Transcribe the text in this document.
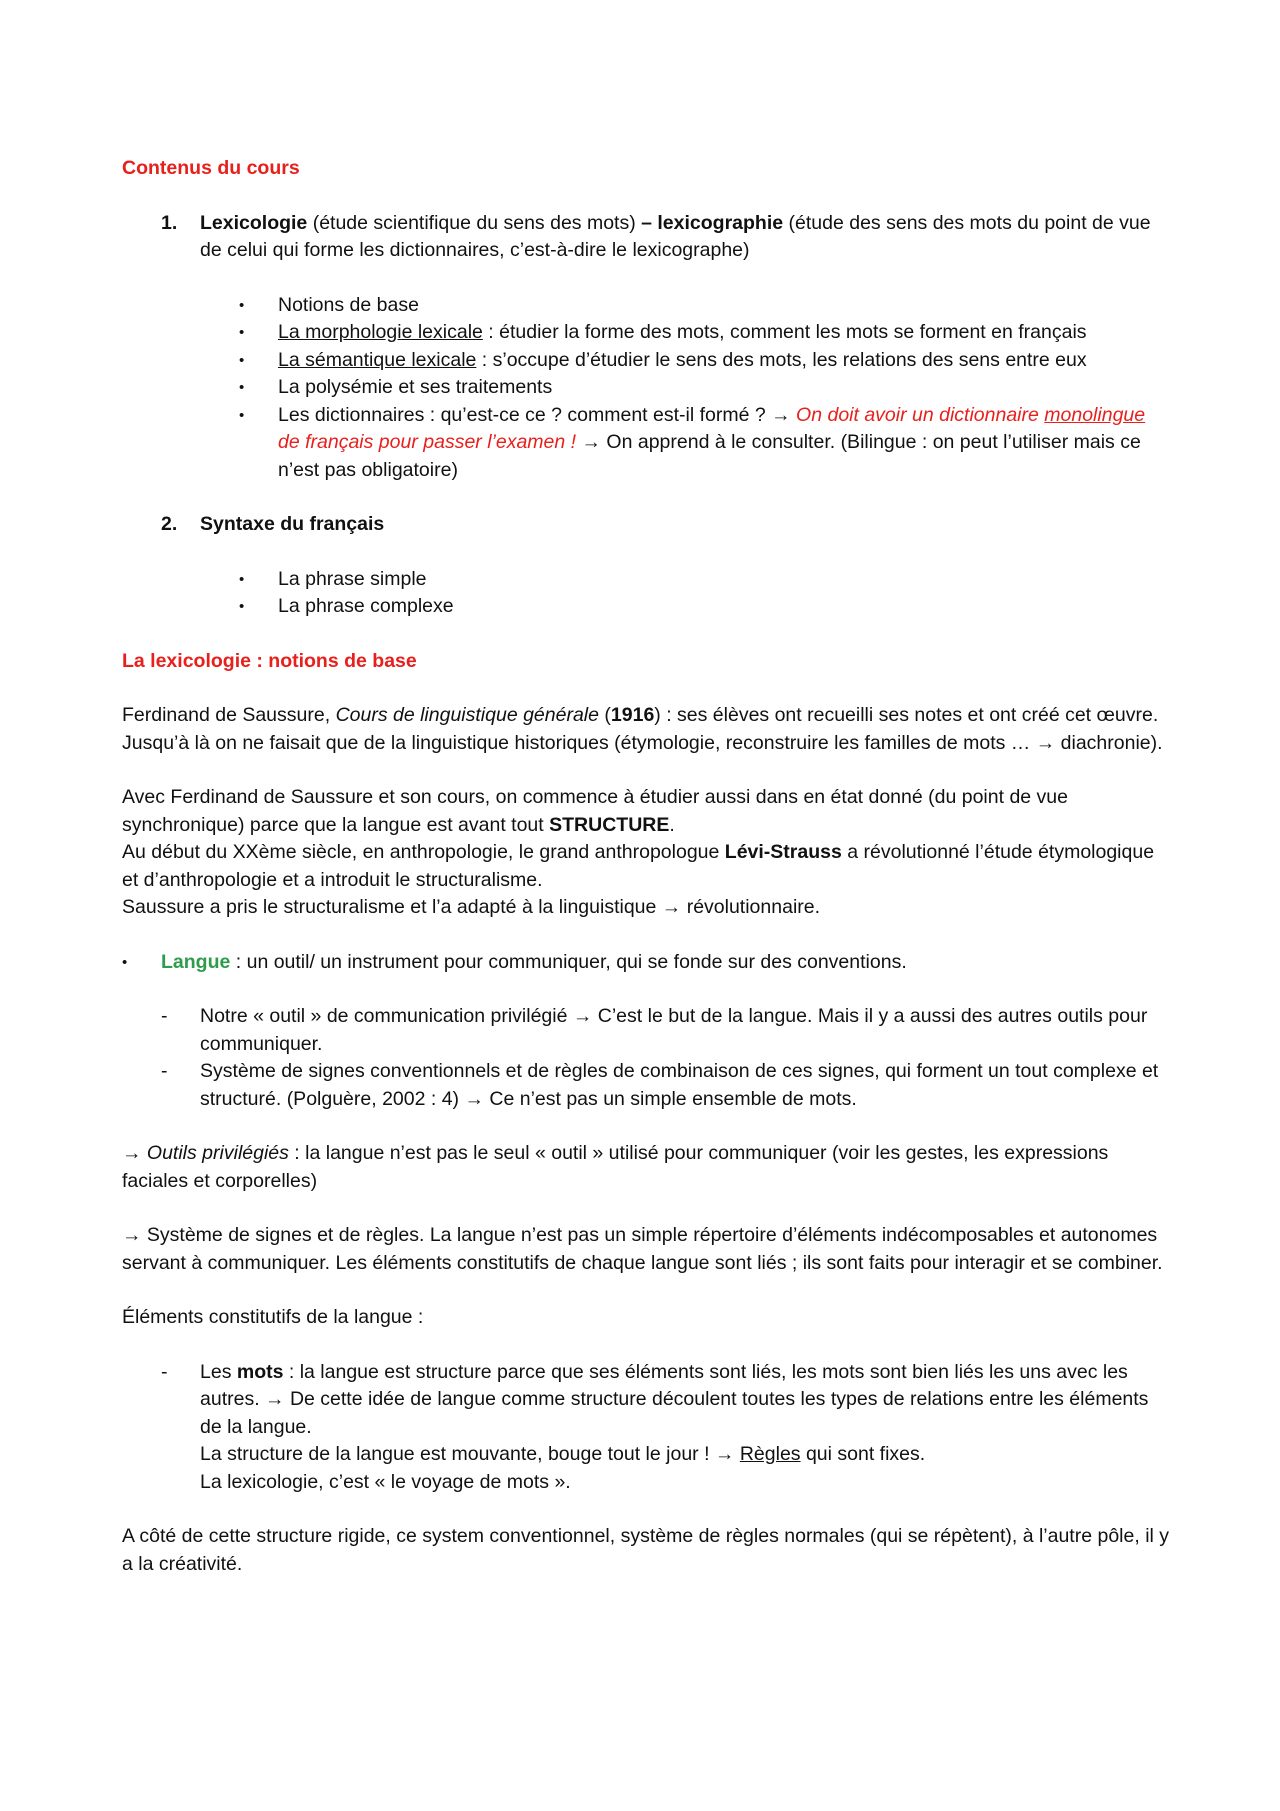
Contenus du cours
1. Lexicologie (étude scientifique du sens des mots) – lexicographie (étude des sens des mots du point de vue de celui qui forme les dictionnaires, c’est-à-dire le lexicographe)
• Notions de base
• La morphologie lexicale : étudier la forme des mots, comment les mots se forment en français
• La sémantique lexicale : s’occupe d’étudier le sens des mots, les relations des sens entre eux
• La polysémie et ses traitements
• Les dictionnaires : qu’est-ce ce ? comment est-il formé ? → On doit avoir un dictionnaire monolingue de français pour passer l’examen ! → On apprend à le consulter. (Bilingue : on peut l’utiliser mais ce n’est pas obligatoire)
2. Syntaxe du français
• La phrase simple
• La phrase complexe
La lexicologie : notions de base
Ferdinand de Saussure, Cours de linguistique générale (1916) : ses élèves ont recueilli ses notes et ont créé cet œuvre.
Jusqu’à là on ne faisait que de la linguistique historiques (étymologie, reconstruire les familles de mots … → diachronie).
Avec Ferdinand de Saussure et son cours, on commence à étudier aussi dans en état donné (du point de vue synchronique) parce que la langue est avant tout STRUCTURE.
Au début du XXème siècle, en anthropologie, le grand anthropologue Lévi-Strauss a révolutionné l’étude étymologique et d’anthropologie et a introduit le structuralisme.
Saussure a pris le structuralisme et l’a adapté à la linguistique → révolutionnaire.
• Langue : un outil/ un instrument pour communiquer, qui se fonde sur des conventions.
- Notre « outil » de communication privilégié → C’est le but de la langue. Mais il y a aussi des autres outils pour communiquer.
- Système de signes conventionnels et de règles de combinaison de ces signes, qui forment un tout complexe et structuré. (Polguère, 2002 : 4) → Ce n’est pas un simple ensemble de mots.
→ Outils privilégiés : la langue n’est pas le seul « outil » utilisé pour communiquer (voir les gestes, les expressions faciales et corporelles)
→ Système de signes et de règles. La langue n’est pas un simple répertoire d’éléments indécomposables et autonomes servant à communiquer. Les éléments constitutifs de chaque langue sont liés ; ils sont faits pour interagir et se combiner.
Éléments constitutifs de la langue :
- Les mots : la langue est structure parce que ses éléments sont liés, les mots sont bien liés les uns avec les autres. → De cette idée de langue comme structure découlent toutes les types de relations entre les éléments de la langue.
La structure de la langue est mouvante, bouge tout le jour ! → Règles qui sont fixes.
La lexicologie, c’est « le voyage de mots ».
A côté de cette structure rigide, ce system conventionnel, système de règles normales (qui se répètent), à l’autre pôle, il y a la créativité.
